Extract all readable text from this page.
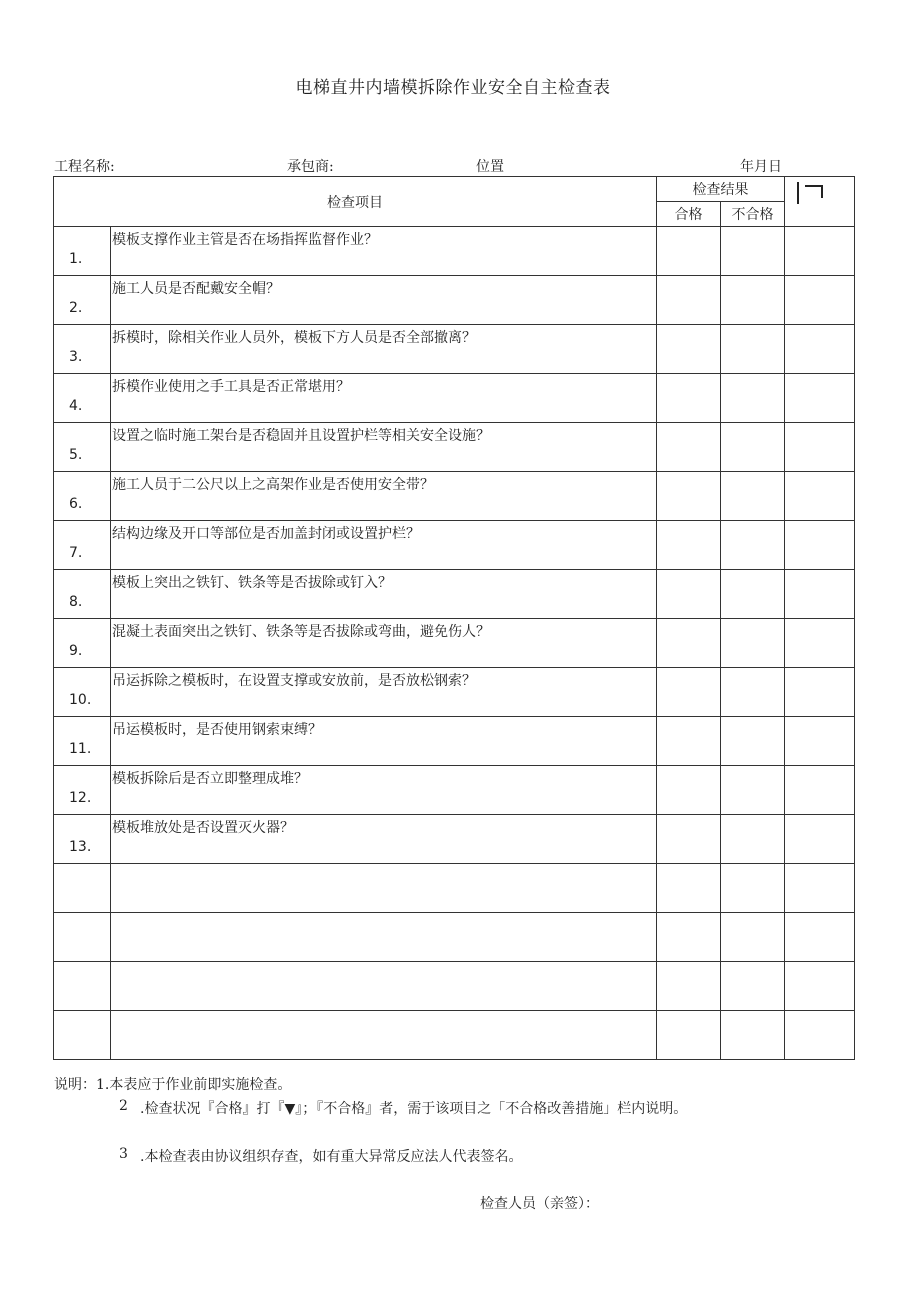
电梯直井内墙模拆除作业安全自主检查表
工程名称:	承包商:	位置	年月日
检查项目		检查结果		
		合格	不合格	

1.	模板支撑作业主管是否在场指挥监督作业？			

2.	施工人员是否配戴安全帽？			

3.	拆模时，除相关作业人员外，模板下方人员是否全部撤离？			

4.	拆模作业使用之手工具是否正常堪用？			

5.	设置之临时施工架台是否稳固并且设置护栏等相关安全设施？			

6.	施工人员于二公尺以上之高架作业是否使用安全带？			

7.	结构边缘及开口等部位是否加盖封闭或设置护栏？			

8.	模板上突出之铁钉、铁条等是否拔除或钉入？			

9.	混凝土表面突出之铁钉、铁条等是否拔除或弯曲，避免伤人？			

10.	吊运拆除之模板时，在设置支撑或安放前，是否放松钢索？			

11.	吊运模板时，是否使用钢索束缚？			

12.	模板拆除后是否立即整理成堆？			

13.	模板堆放处是否设置灭火器？			

说明：1.本表应于作业前即实施检查。
2 .检查状况『合格』打『▼』；『不合格』者，需于该项目之「不合格改善措施」栏内说明。
3 .本检查表由协议组织存查，如有重大异常反应法人代表签名。
检查人员（亲签）：
